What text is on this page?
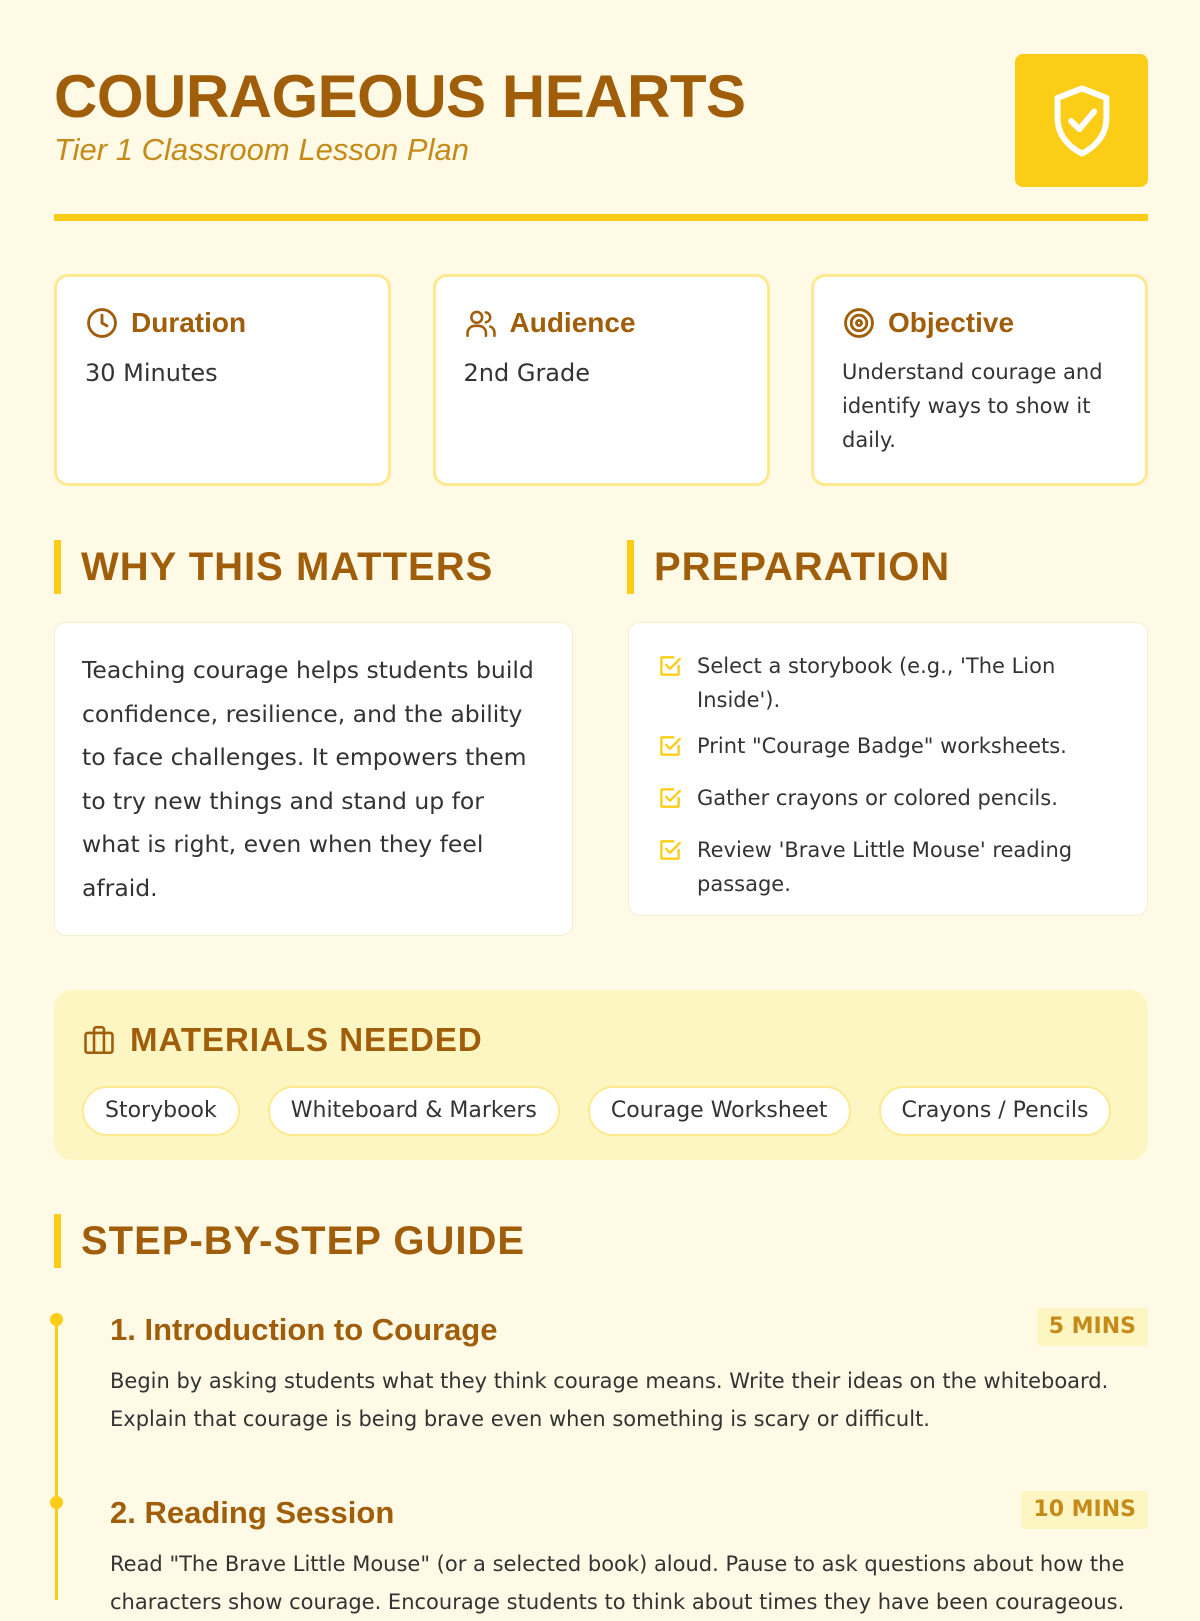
COURAGEOUS HEARTS
Tier 1 Classroom Lesson Plan
Duration
30 Minutes
Audience
2nd Grade
Objective
Understand courage and identify ways to show it daily.
WHY THIS MATTERS
Teaching courage helps students build confidence, resilience, and the ability to face challenges. It empowers them to try new things and stand up for what is right, even when they feel afraid.
PREPARATION
Select a storybook (e.g., 'The Lion Inside').
Print "Courage Badge" worksheets.
Gather crayons or colored pencils.
Review 'Brave Little Mouse' reading passage.
MATERIALS NEEDED
Storybook	Whiteboard & Markers	Courage Worksheet	Crayons / Pencils
STEP-BY-STEP GUIDE
1. Introduction to Courage	5 MINS
Begin by asking students what they think courage means. Write their ideas on the whiteboard. Explain that courage is being brave even when something is scary or difficult.
2. Reading Session	10 MINS
Read "The Brave Little Mouse" (or a selected book) aloud. Pause to ask questions about how the characters show courage. Encourage students to think about times they have been courageous.
